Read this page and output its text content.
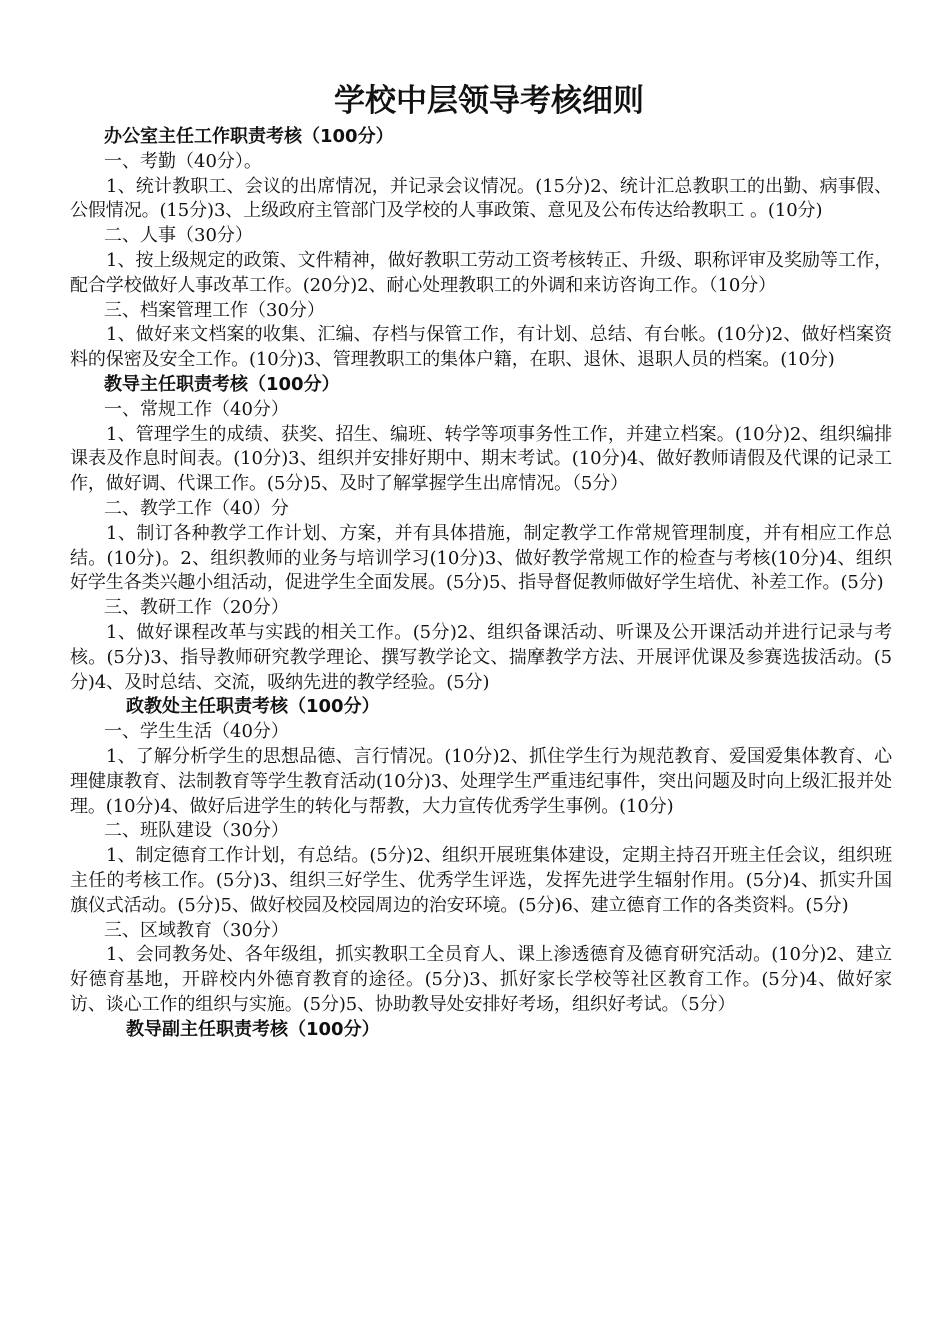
学校中层领导考核细则
办公室主任工作职责考核（100分）

一、考勤（40分）。

1、统计教职工、会议的出席情况，并记录会议情况。(15分)2、统计汇总教职工的出勤、病事假、公假情况。(15分)3、上级政府主管部门及学校的人事政策、意见及公布传达给教职工 。(10分)

二、人事（30分）

1、按上级规定的政策、文件精神，做好教职工劳动工资考核转正、升级、职称评审及奖励等工作，配合学校做好人事改革工作。(20分)2、耐心处理教职工的外调和来访咨询工作。（10分）

三、档案管理工作（30分）

1、做好来文档案的收集、汇编、存档与保管工作，有计划、总结、有台帐。(10分)2、做好档案资料的保密及安全工作。(10分)3、管理教职工的集体户籍，在职、退休、退职人员的档案。(10分)

教导主任职责考核（100分）

一、常规工作（40分）

1、管理学生的成绩、获奖、招生、编班、转学等项事务性工作，并建立档案。(10分)2、组织编排课表及作息时间表。(10分)3、组织并安排好期中、期末考试。(10分)4、做好教师请假及代课的记录工作，做好调、代课工作。(5分)5、及时了解掌握学生出席情况。（5分）

二、教学工作（40）分

1、制订各种教学工作计划、方案，并有具体措施，制定教学工作常规管理制度，并有相应工作总结。(10分)。2、组织教师的业务与培训学习(10分)3、做好教学常规工作的检查与考核(10分)4、组织好学生各类兴趣小组活动，促进学生全面发展。(5分)5、指导督促教师做好学生培优、补差工作。(5分)

三、教研工作（20分）

1、做好课程改革与实践的相关工作。(5分)2、组织备课活动、听课及公开课活动并进行记录与考核。(5分)3、指导教师研究教学理论、撰写教学论文、揣摩教学方法、开展评优课及参赛选拔活动。(5分)4、及时总结、交流，吸纳先进的教学经验。(5分)

政教处主任职责考核（100分）

一、学生生活（40分）

1、了解分析学生的思想品德、言行情况。(10分)2、抓住学生行为规范教育、爱国爱集体教育、心理健康教育、法制教育等学生教育活动(10分)3、处理学生严重违纪事件，突出问题及时向上级汇报并处理。(10分)4、做好后进学生的转化与帮教，大力宣传优秀学生事例。(10分)

二、班队建设（30分）

1、制定德育工作计划，有总结。(5分)2、组织开展班集体建设，定期主持召开班主任会议，组织班主任的考核工作。(5分)3、组织三好学生、优秀学生评选，发挥先进学生辐射作用。(5分)4、抓实升国旗仪式活动。(5分)5、做好校园及校园周边的治安环境。(5分)6、建立德育工作的各类资料。(5分)

三、区域教育（30分）

1、会同教务处、各年级组，抓实教职工全员育人、课上渗透德育及德育研究活动。(10分)2、建立好德育基地，开辟校内外德育教育的途径。(5分)3、抓好家长学校等社区教育工作。(5分)4、做好家访、谈心工作的组织与实施。(5分)5、协助教导处安排好考场，组织好考试。（5分）

教导副主任职责考核（100分）
